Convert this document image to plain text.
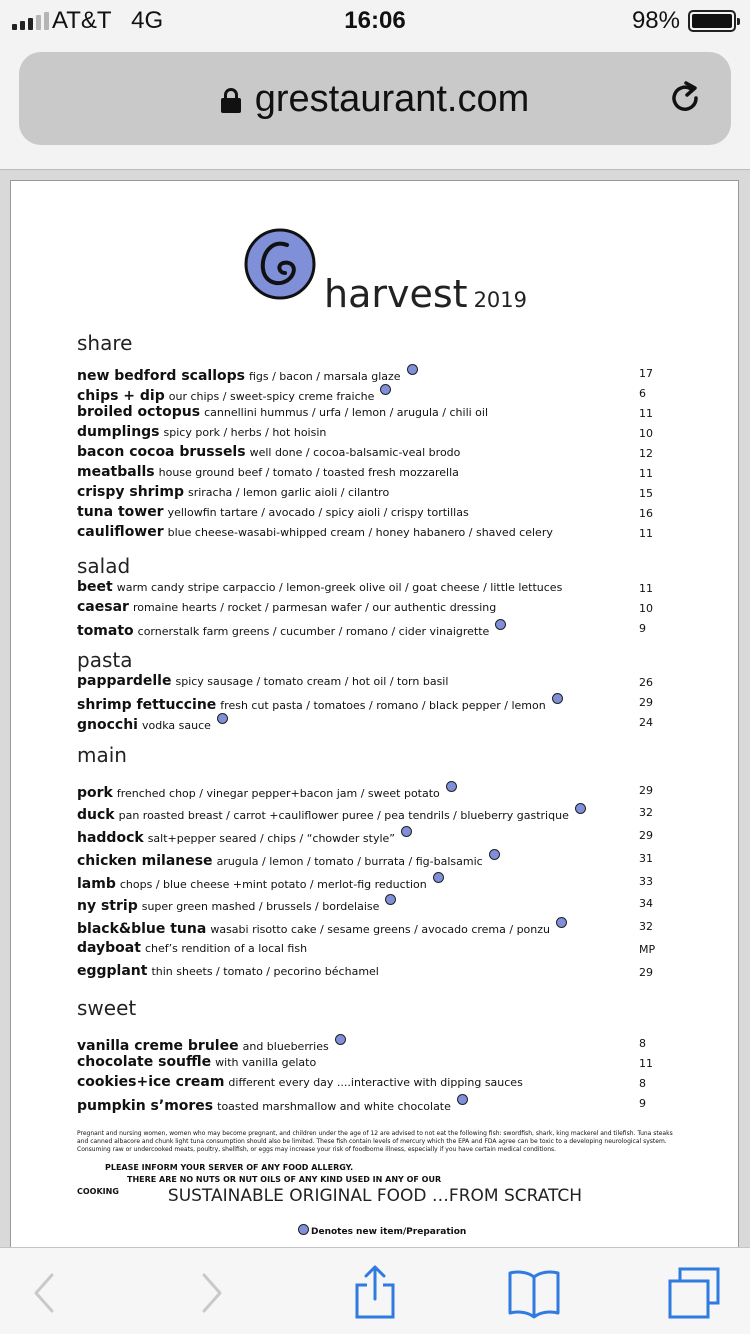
AT&T   4G	16:06	98%
grestaurant.com
harvest 2019
share
new bedford scallops figs / bacon / marsala glaze	17
chips + dip our chips / sweet-spicy creme fraiche	6
broiled octopus cannellini hummus / urfa / lemon / arugula / chili oil	11
dumplings spicy pork / herbs / hot hoisin	10
bacon cocoa brussels well done / cocoa-balsamic-veal brodo	12
meatballs house ground beef / tomato / toasted fresh mozzarella	11
crispy shrimp sriracha / lemon garlic aioli / cilantro	15
tuna tower yellowfin tartare / avocado / spicy aioli / crispy tortillas	16
cauliflower blue cheese-wasabi-whipped cream / honey habanero / shaved celery	11
salad
beet warm candy stripe carpaccio / lemon-greek olive oil / goat cheese / little lettuces	11
caesar romaine hearts / rocket / parmesan wafer / our authentic dressing	10
tomato cornerstalk farm greens / cucumber / romano / cider vinaigrette	9
pasta
pappardelle spicy sausage / tomato cream / hot oil / torn basil	26
shrimp fettuccine fresh cut pasta / tomatoes / romano / black pepper / lemon	29
gnocchi vodka sauce	24
main
pork frenched chop / vinegar pepper+bacon jam / sweet potato	29
duck pan roasted breast / carrot +cauliflower puree / pea tendrils / blueberry gastrique	32
haddock salt+pepper seared / chips / “chowder style”	29
chicken milanese arugula / lemon / tomato / burrata / fig-balsamic	31
lamb chops / blue cheese +mint potato / merlot-fig reduction	33
ny strip super green mashed / brussels / bordelaise	34
black&blue tuna wasabi risotto cake / sesame greens / avocado crema / ponzu	32
dayboat chef’s rendition of a local fish	MP
eggplant thin sheets / tomato / pecorino béchamel	29
sweet
vanilla creme brulee and blueberries	8
chocolate souffle with vanilla gelato	11
cookies+ice cream different every day ....interactive with dipping sauces	8
pumpkin s’mores toasted marshmallow and white chocolate	9
Pregnant and nursing women, women who may become pregnant, and children under the age of 12 are advised to not eat the following fish: swordfish, shark, king mackerel and tilefish. Tuna steaks and canned albacore and chunk light tuna consumption should also be limited. These fish contain levels of mercury which the EPA and FDA agree can be toxic to a developing neurological system. Consuming raw or undercooked meats, poultry, shellfish, or eggs may increase your risk of foodborne illness, especially if you have certain medical conditions.
PLEASE INFORM YOUR SERVER OF ANY FOOD ALLERGY.THERE ARE NO NUTS OR NUT OILS OF ANY KIND USED IN ANY OF OUR
COOKING	SUSTAINABLE ORIGINAL FOOD …FROM SCRATCH
Denotes new item/Preparation
